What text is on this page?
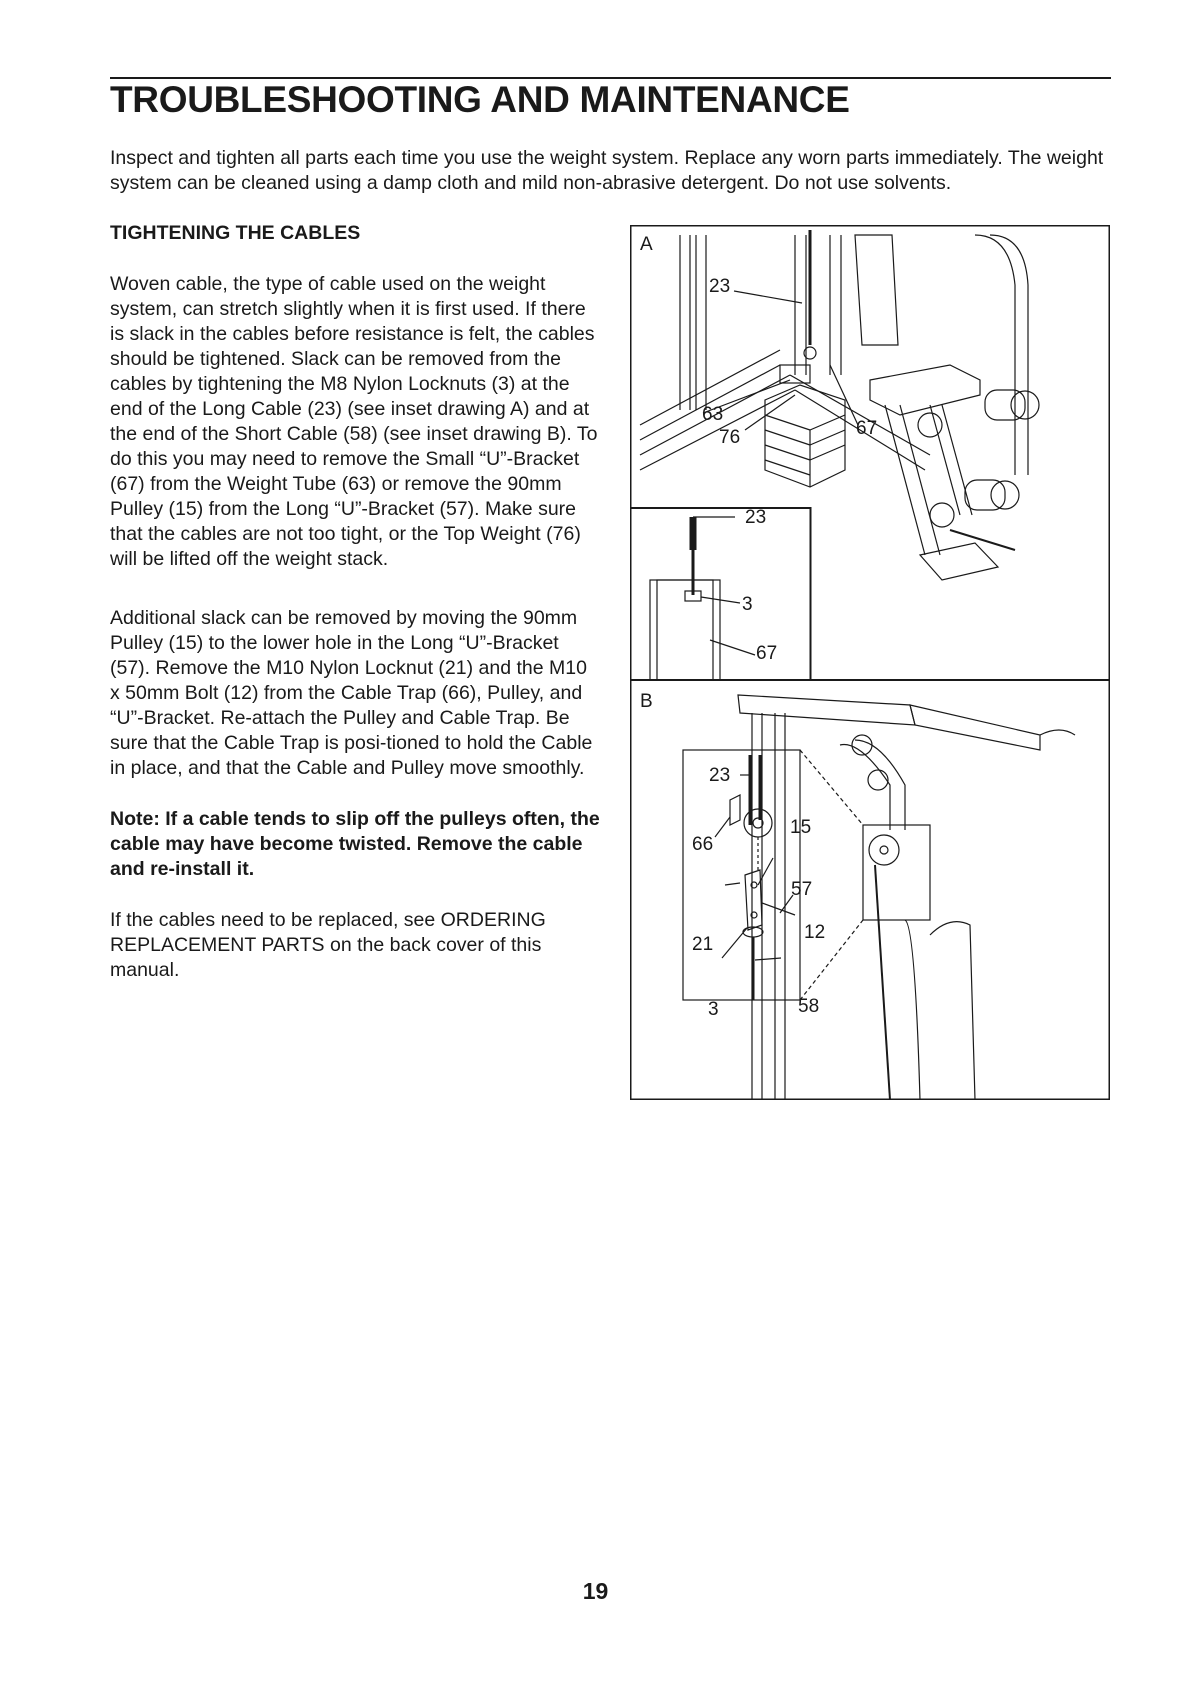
TROUBLESHOOTING AND MAINTENANCE

Inspect and tighten all parts each time you use the weight system. Replace any worn parts immediately. The weight system can be cleaned using a damp cloth and mild non-abrasive detergent. Do not use solvents.

TIGHTENING THE CABLES

Woven cable, the type of cable used on the weight system, can stretch slightly when it is first used. If there is slack in the cables before resistance is felt, the cables should be tightened. Slack can be removed from the cables by tightening the M8 Nylon Locknuts (3) at the end of the Long Cable (23) (see inset drawing A) and at the end of the Short Cable (58) (see inset drawing B). To do this you may need to remove the Small “U”-Bracket (67) from the Weight Tube (63) or remove the 90mm Pulley (15) from the Long “U”-Bracket (57). Make sure that the cables are not too tight, or the Top Weight (76) will be lifted off the weight stack.

Additional slack can be removed by moving the 90mm Pulley (15) to the lower hole in the Long “U”-Bracket (57). Remove the M10 Nylon Locknut (21) and the M10 x 50mm Bolt (12) from the Cable Trap (66), Pulley, and “U”-Bracket. Re-attach the Pulley and Cable Trap. Be sure that the Cable Trap is posi-tioned to hold the Cable in place, and that the Cable and Pulley move smoothly.

Note: If a cable tends to slip off the pulleys often, the cable may have become twisted. Remove the cable and re-install it.

If the cables need to be replaced, see ORDERING REPLACEMENT PARTS on the back cover of this manual.

A
23
63
76	67
23
3
67
B
23
15
66
57
12
21
3	58
19
